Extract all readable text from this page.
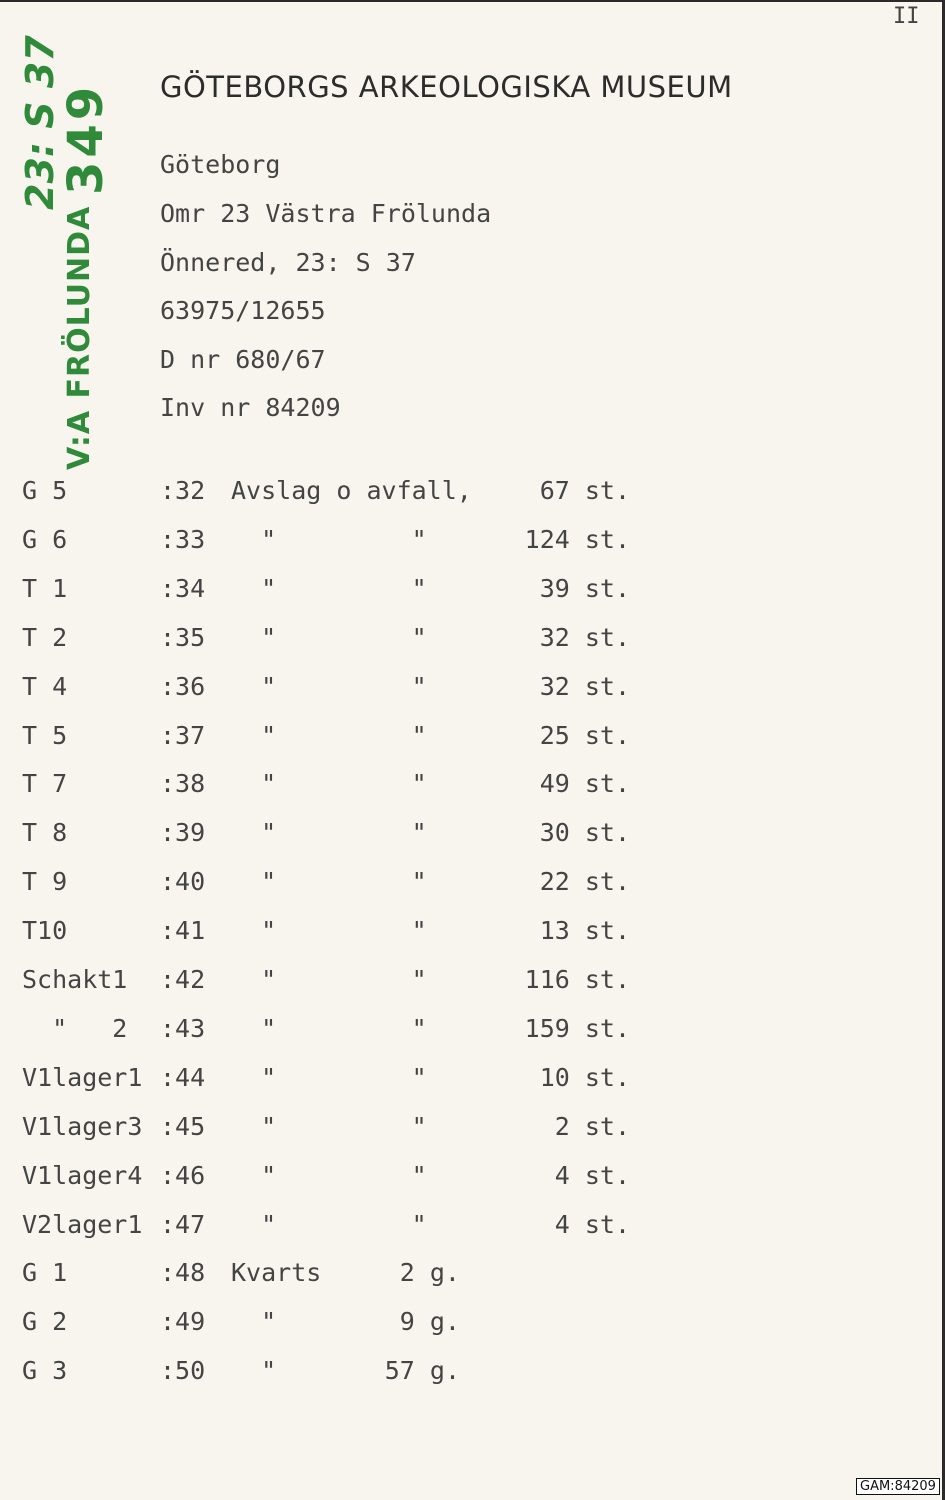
II
GÖTEBORGS ARKEOLOGISKA MUSEUM
Göteborg
Omr 23 Västra Frölunda
Önnered, 23: S 37
63975/12655
D nr 680/67
Inv nr 84209
23: S 37
349
V:A FRÖLUNDA
G 5	:32 Avslag o avfall,	67 st.
G 6	:33 "         "	124 st.
T 1	:34 "         "	39 st.
T 2	:35 "         "	32 st.
T 4	:36 "         "	32 st.
T 5	:37 "         "	25 st.
T 7	:38 "         "	49 st.
T 8	:39 "         "	30 st.
T 9	:40 "         "	22 st.
T10	:41 "         "	13 st.
Schakt1 :42 "         "	116 st.
"   2 :43 "         "	159 st.
V1lager1 :44 "         "	10 st.
V1lager3 :45 "         "	2 st.
V1lager4 :46 "         "	4 st.
V2lager1 :47 "         "	4 st.
G 1	:48 Kvarts	2 g.
G 2	:49 "	9 g.
G 3	:50 "	57 g.
GAM:84209
